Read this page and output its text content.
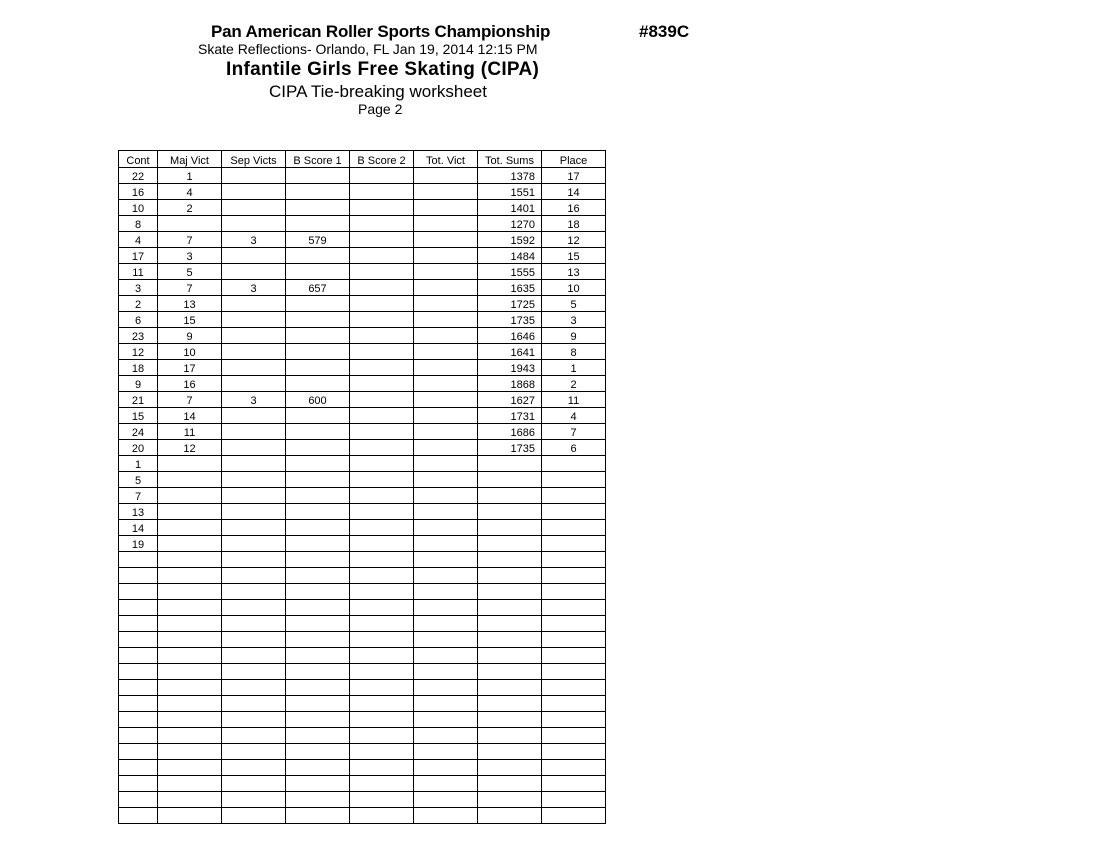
Pan American Roller Sports Championship	#839C
Skate Reflections- Orlando, FL Jan 19, 2014 12:15 PM
Infantile Girls Free Skating (CIPA)
CIPA Tie-breaking worksheet
Page 2
Cont	Maj Vict	Sep Victs	B Score 1	B Score 2	Tot. Vict	Tot. Sums	Place
22	1					1378	17
16	4					1551	14
10	2					1401	16
8						1270	18
4	7	3	579			1592	12
17	3					1484	15
11	5					1555	13
3	7	3	657			1635	10
2	13					1725	5
6	15					1735	3
23	9					1646	9
12	10					1641	8
18	17					1943	1
9	16					1868	2
21	7	3	600			1627	11
15	14					1731	4
24	11					1686	7
20	12					1735	6
1							
5							
7							
13							
14							
19							
